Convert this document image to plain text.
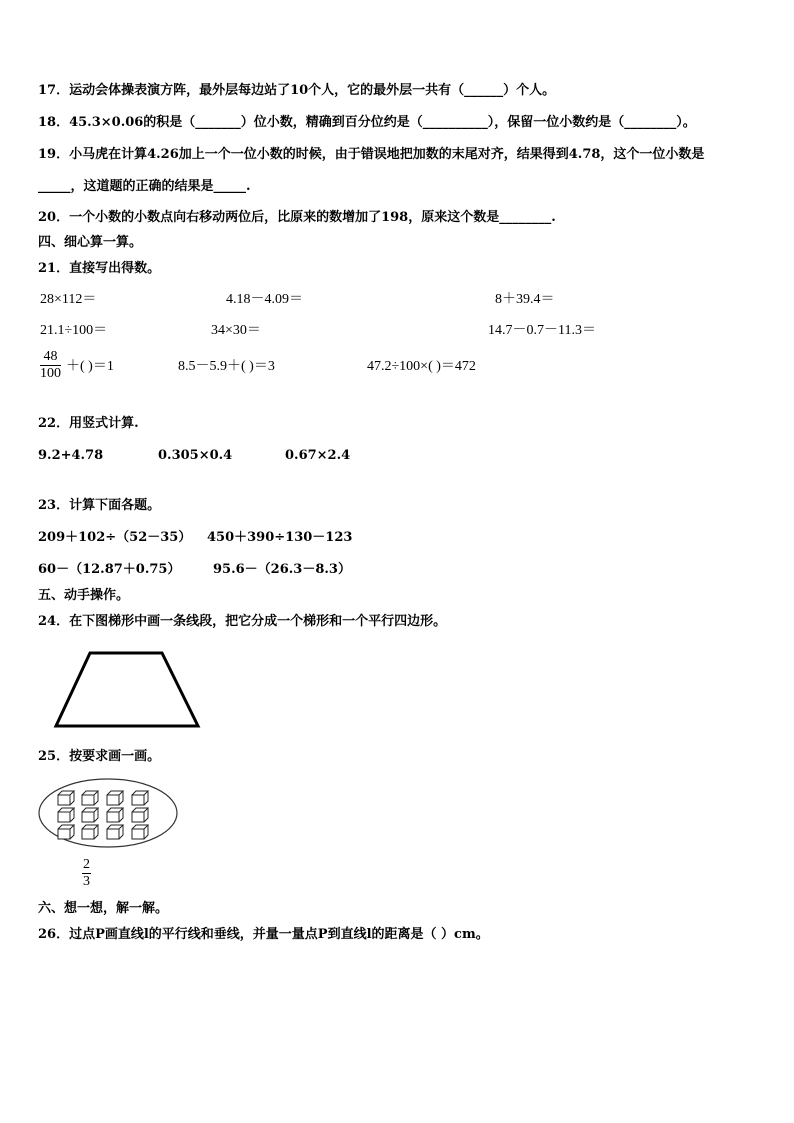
17．运动会体操表演方阵，最外层每边站了10个人，它的最外层一共有（______）个人。
18．45.3×0.06的积是（_______）位小数，精确到百分位约是（__________），保留一位小数约是（________）。
19．小马虎在计算4.26加上一个一位小数的时候，由于错误地把加数的末尾对齐，结果得到4.78，这个一位小数是
_____，这道题的正确的结果是_____.
20．一个小数的小数点向右移动两位后，比原来的数增加了198，原来这个数是________.
四、细心算一算。
21．直接写出得数。
28×112＝	4.18－4.09＝	8＋39.4＝
21.1÷100＝	34×30＝	14.7－0.7－11.3＝
48
100 ＋( )＝1	8.5－5.9＋( )＝3	47.2÷100×( )＝472
22．用竖式计算.
9.2+4.78	0.305×0.4	0.67×2.4
23．计算下面各题。
209＋102÷（52－35） 450＋390÷130－123
60－（12.87＋0.75）	95.6－（26.3－8.3）
五、动手操作。
24．在下图梯形中画一条线段，把它分成一个梯形和一个平行四边形。
25．按要求画一画。
2
3
六、想一想，解一解。
26．过点P画直线l的平行线和垂线，并量一量点P到直线l的距离是（ ）cm。
